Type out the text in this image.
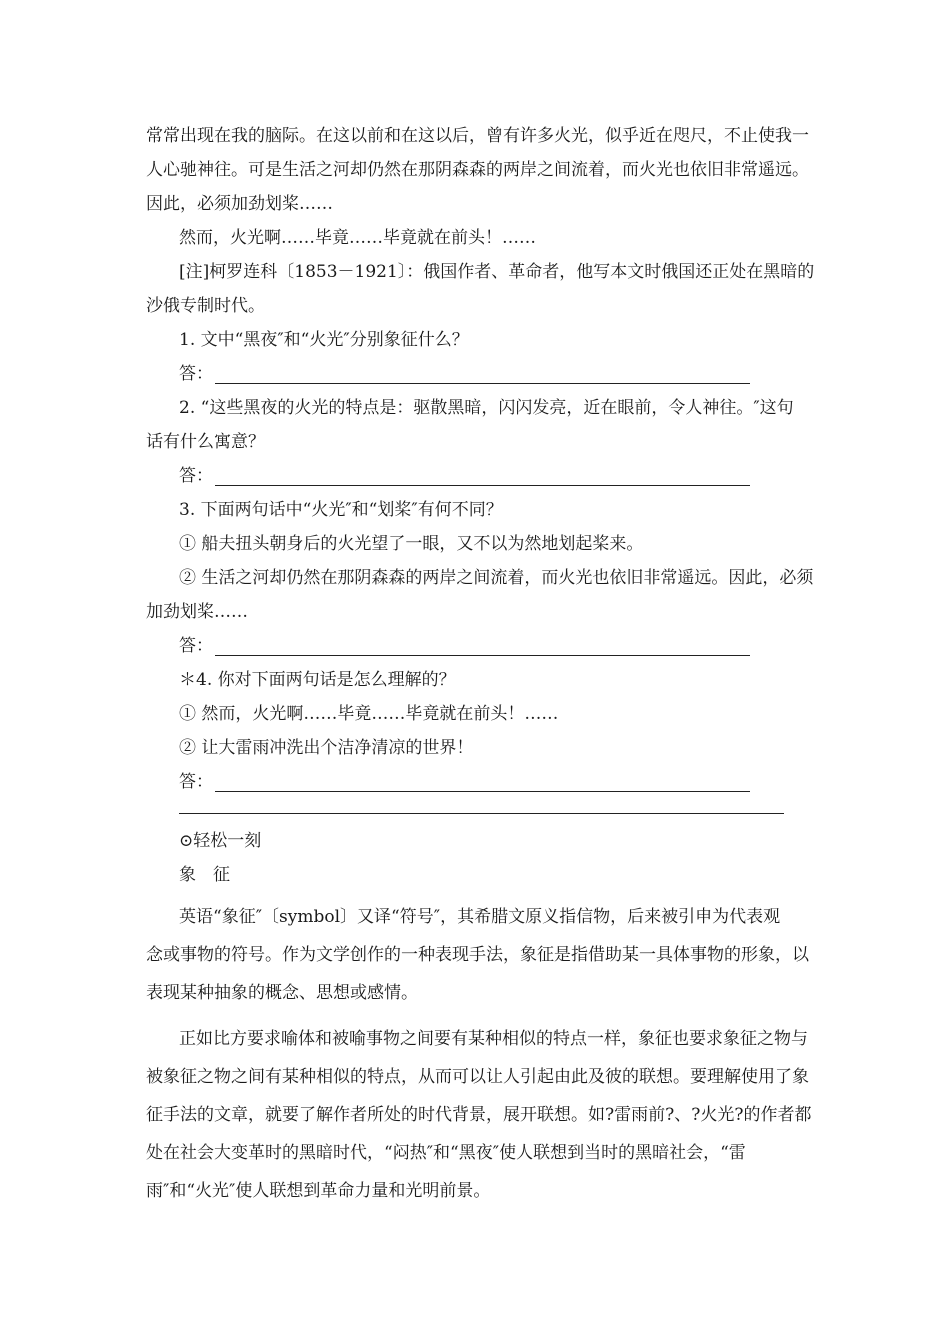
常常出现在我的脑际。在这以前和在这以后，曾有许多火光，似乎近在咫尺，不止使我一
人心驰神往。可是生活之河却仍然在那阴森森的两岸之间流着，而火光也依旧非常遥远。
因此，必须加劲划桨……
然而，火光啊……毕竟……毕竟就在前头！……
[注]柯罗连科〔1853－1921〕：俄国作者、革命者，他写本文时俄国还正处在黑暗的
沙俄专制时代。
1. 文中“黑夜″和“火光″分别象征什么？
答：
2. “这些黑夜的火光的特点是：驱散黑暗，闪闪发亮，近在眼前，令人神往。″这句
话有什么寓意？
答：
3. 下面两句话中“火光″和“划桨″有何不同？
① 船夫扭头朝身后的火光望了一眼，又不以为然地划起桨来。
② 生活之河却仍然在那阴森森的两岸之间流着，而火光也依旧非常遥远。因此，必须
加劲划桨……
答：
＊4. 你对下面两句话是怎么理解的？
① 然而，火光啊……毕竟……毕竟就在前头！……
② 让大雷雨冲洗出个洁净清凉的世界！
答：
⊙轻松一刻
象　征
英语“象征″〔symbol〕又译“符号″，其希腊文原义指信物，后来被引申为代表观
念或事物的符号。作为文学创作的一种表现手法，象征是指借助某一具体事物的形象，以
表现某种抽象的概念、思想或感情。
正如比方要求喻体和被喻事物之间要有某种相似的特点一样，象征也要求象征之物与
被象征之物之间有某种相似的特点，从而可以让人引起由此及彼的联想。要理解使用了象
征手法的文章，就要了解作者所处的时代背景，展开联想。如?雷雨前?、?火光?的作者都
处在社会大变革时的黑暗时代，“闷热″和“黑夜″使人联想到当时的黑暗社会，“雷
雨″和“火光″使人联想到革命力量和光明前景。
